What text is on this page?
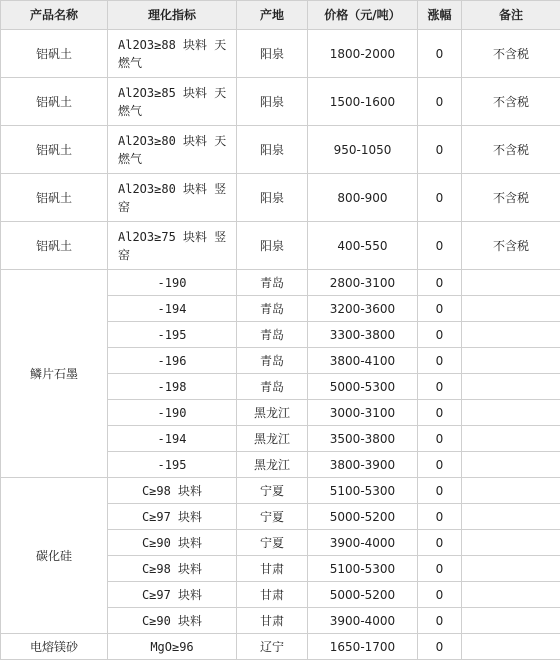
产品名称	理化指标	产地	价格（元/吨）	涨幅	备注
铝矾土	Al2O3≥88 块料 天燃气	阳泉	1800-2000	0	不含税
铝矾土	Al2O3≥85 块料 天燃气	阳泉	1500-1600	0	不含税
铝矾土	Al2O3≥80 块料 天燃气	阳泉	950-1050	0	不含税
铝矾土	Al2O3≥80 块料 竖窑	阳泉	800-900	0	不含税
铝矾土	Al2O3≥75 块料 竖窑	阳泉	400-550	0	不含税
鳞片石墨	-190	青岛	2800-3100	0	
	-194	青岛	3200-3600	0	
	-195	青岛	3300-3800	0	
	-196	青岛	3800-4100	0	
	-198	青岛	5000-5300	0	
	-190	黑龙江	3000-3100	0	
	-194	黑龙江	3500-3800	0	
	-195	黑龙江	3800-3900	0	
碳化硅	C≥98 块料	宁夏	5100-5300	0	
	C≥97 块料	宁夏	5000-5200	0	
	C≥90 块料	宁夏	3900-4000	0	
	C≥98 块料	甘肃	5100-5300	0	
	C≥97 块料	甘肃	5000-5200	0	
	C≥90 块料	甘肃	3900-4000	0	
电熔镁砂	MgO≥96	辽宁	1650-1700	0	
